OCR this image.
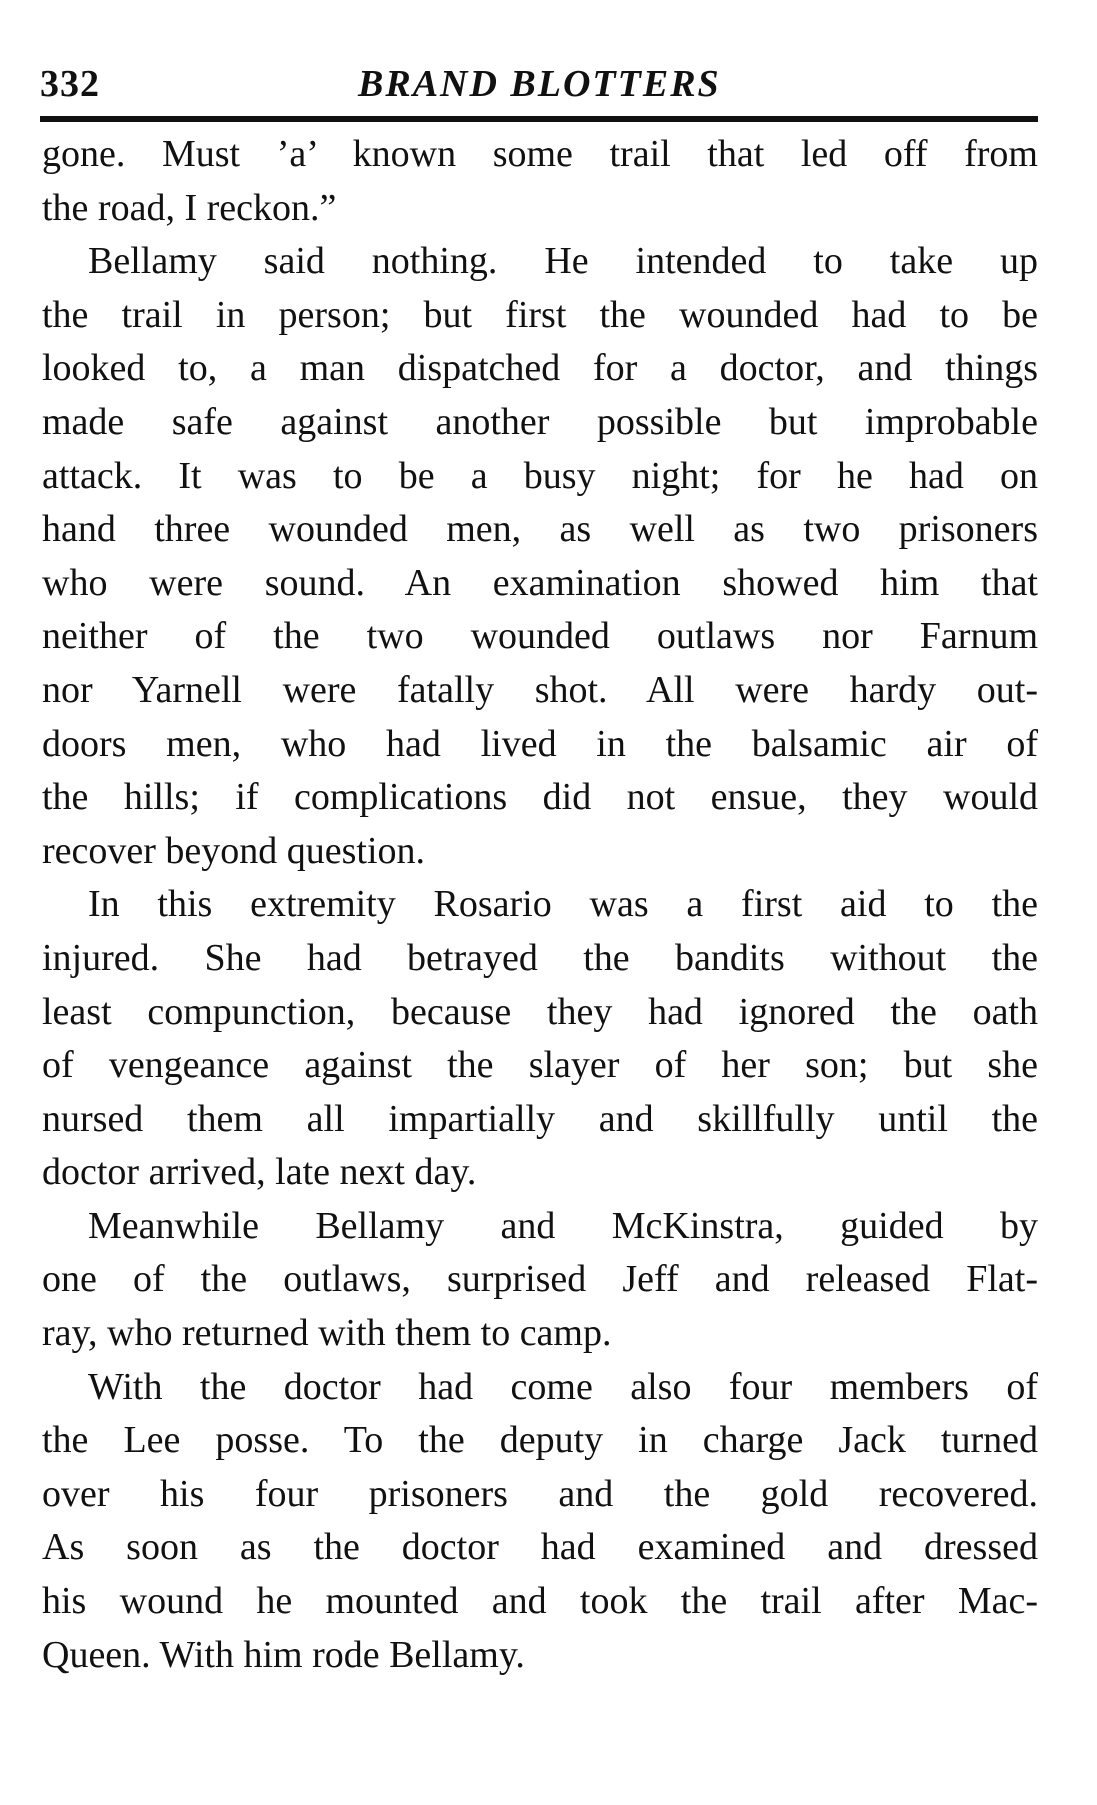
332	BRAND BLOTTERS
gone. Must ’a’ known some trail that led off from
the road, I reckon.”
Bellamy said nothing. He intended to take up
the trail in person; but first the wounded had to be
looked to, a man dispatched for a doctor, and things
made safe against another possible but improbable
attack. It was to be a busy night; for he had on
hand three wounded men, as well as two prisoners
who were sound. An examination showed him that
neither of the two wounded outlaws nor Farnum
nor Yarnell were fatally shot. All were hardy out-
doors men, who had lived in the balsamic air of
the hills; if complications did not ensue, they would
recover beyond question.
In this extremity Rosario was a first aid to the
injured. She had betrayed the bandits without the
least compunction, because they had ignored the oath
of vengeance against the slayer of her son; but she
nursed them all impartially and skillfully until the
doctor arrived, late next day.
Meanwhile Bellamy and McKinstra, guided by
one of the outlaws, surprised Jeff and released Flat-
ray, who returned with them to camp.
With the doctor had come also four members of
the Lee posse. To the deputy in charge Jack turned
over his four prisoners and the gold recovered.
As soon as the doctor had examined and dressed
his wound he mounted and took the trail after Mac-
Queen. With him rode Bellamy.
